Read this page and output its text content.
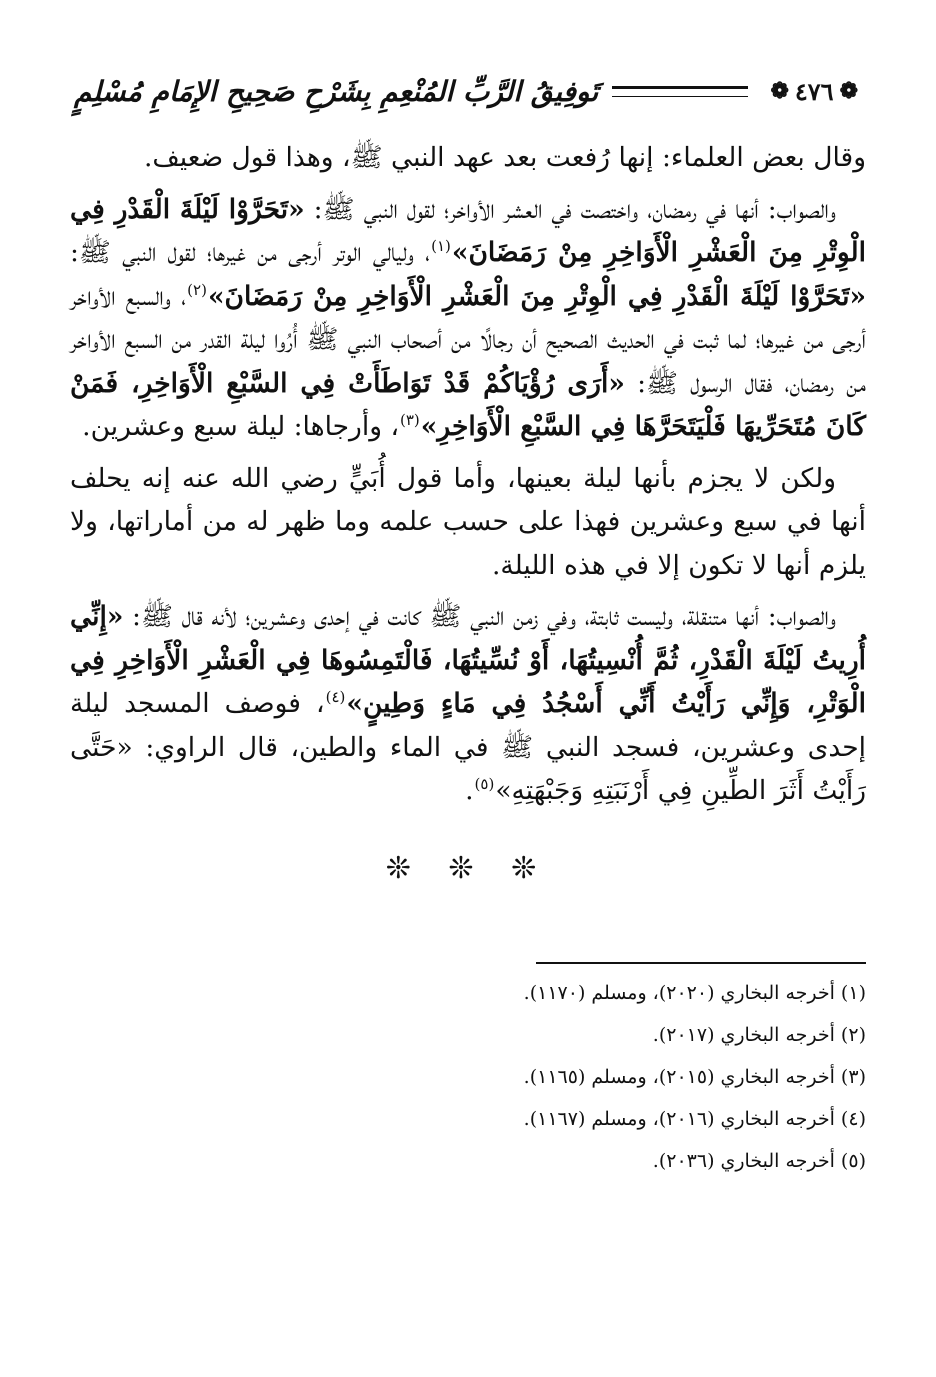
❁
٤٧٦
❁
تَوفِيقُ الرَّبِّ المُنْعِمِ بِشَرْحِ صَحِيحِ الإِمَامِ مُسْلِمٍ

وقال بعض العلماء: إنها رُفعت بعد عهد النبي ﷺ، وهذا قول ضعيف.

والصواب: أنها في رمضان، واختصت في العشر الأواخر؛ لقول النبي ﷺ: «تَحَرَّوْا لَيْلَةَ الْقَدْرِ فِي الْوِتْرِ مِنَ الْعَشْرِ الْأَوَاخِرِ مِنْ رَمَضَانَ»$^{(١)}$، وليالي الوتر أرجى من غيرها؛ لقول النبي ﷺ: «تَحَرَّوْا لَيْلَةَ الْقَدْرِ فِي الْوِتْرِ مِنَ الْعَشْرِ الْأَوَاخِرِ مِنْ رَمَضَانَ»$^{(٢)}$، والسبع الأواخر أرجى من غيرها؛ لما ثبت في الحديث الصحيح أن رجالًا من أصحاب النبي ﷺ أُرُوا ليلة القدر من السبع الأواخر من رمضان، فقال الرسول ﷺ: «أَرَى رُؤْيَاكُمْ قَدْ تَوَاطَأَتْ فِي السَّبْعِ الْأَوَاخِرِ، فَمَنْ كَانَ مُتَحَرِّيهَا فَلْيَتَحَرَّهَا فِي السَّبْعِ الْأَوَاخِرِ»$^{(٣)}$، وأرجاها: ليلة سبع وعشرين.

ولكن لا يجزم بأنها ليلة بعينها، وأما قول أُبَيٍّ رضي الله عنه إنه يحلف أنها في سبع وعشرين فهذا على حسب علمه وما ظهر له من أماراتها، ولا يلزم أنها لا تكون إلا في هذه الليلة.

والصواب: أنها متنقلة، وليست ثابتة، وفي زمن النبي ﷺ كانت في إحدى وعشرين؛ لأنه قال ﷺ: «إِنِّي أُرِيتُ لَيْلَةَ الْقَدْرِ، ثُمَّ أُنْسِيتُهَا، أَوْ نُسِّيتُهَا، فَالْتَمِسُوهَا فِي الْعَشْرِ الْأَوَاخِرِ فِي الْوَتْرِ، وَإِنِّي رَأَيْتُ أَنِّي أَسْجُدُ فِي مَاءٍ وَطِينٍ»$^{(٤)}$، فوصف المسجد ليلة إحدى وعشرين، فسجد النبي ﷺ في الماء والطين، قال الراوي: «حَتَّى رَأَيْتُ أَثَرَ الطِّينِ فِي أَرْنَبَتِهِ وَجَبْهَتِهِ»$^{(٥)}$.

❊ ❊ ❊

(١) أخرجه البخاري (٢٠٢٠)، ومسلم (١١٧٠).

(٢) أخرجه البخاري (٢٠١٧).

(٣) أخرجه البخاري (٢٠١٥)، ومسلم (١١٦٥).

(٤) أخرجه البخاري (٢٠١٦)، ومسلم (١١٦٧).

(٥) أخرجه البخاري (٢٠٣٦).
